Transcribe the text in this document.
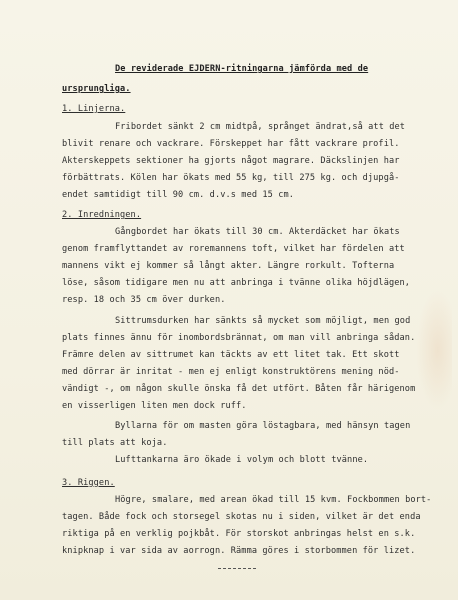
De reviderade EJDERN-ritningarna jämförda med de
ursprungliga.
1. Linjerna.
Fribordet sänkt 2 cm midtpå, språnget ändrat,så att det
blivit renare och vackrare. Förskeppet har fått vackrare profil.
Akterskeppets sektioner ha gjorts något magrare. Däckslinjen har
förbättrats. Kölen har ökats med 55 kg, till 275 kg. och djupgå-
endet samtidigt till 90 cm. d.v.s med 15 cm.
2. Inredningen.
Gångbordet har ökats till 30 cm. Akterdäcket har ökats
genom framflyttandet av roremannens toft, vilket har fördelen att
mannens vikt ej kommer så långt akter. Längre rorkult. Tofterna
löse, såsom tidigare men nu att anbringa i tvänne olika höjdlägen,
resp. 18 och 35 cm över durken.
Sittrumsdurken har sänkts så mycket som möjligt, men god
plats finnes ännu för inombordsbrännat, om man vill anbringa sådan.
Främre delen av sittrumet kan täckts av ett litet tak. Ett skott
med dörrar är inritat - men ej enligt konstruktörens mening nöd-
vändigt -, om någon skulle önska få det utfört. Båten får härigenom
en visserligen liten men dock ruff.
Byllarna för om masten göra löstagbara, med hänsyn tagen
till plats att koja.
Lufttankarna äro ökade i volym och blott tvänne.
3. Riggen.
Högre, smalare, med arean ökad till 15 kvm. Fockbommen bort-
tagen. Både fock och storsegel skotas nu i siden, vilket är det enda
riktiga på en verklig pojkbåt. För storskot anbringas helst en s.k.
knipknap i var sida av aorrogn. Rämma göres i storbommen för lizet.
